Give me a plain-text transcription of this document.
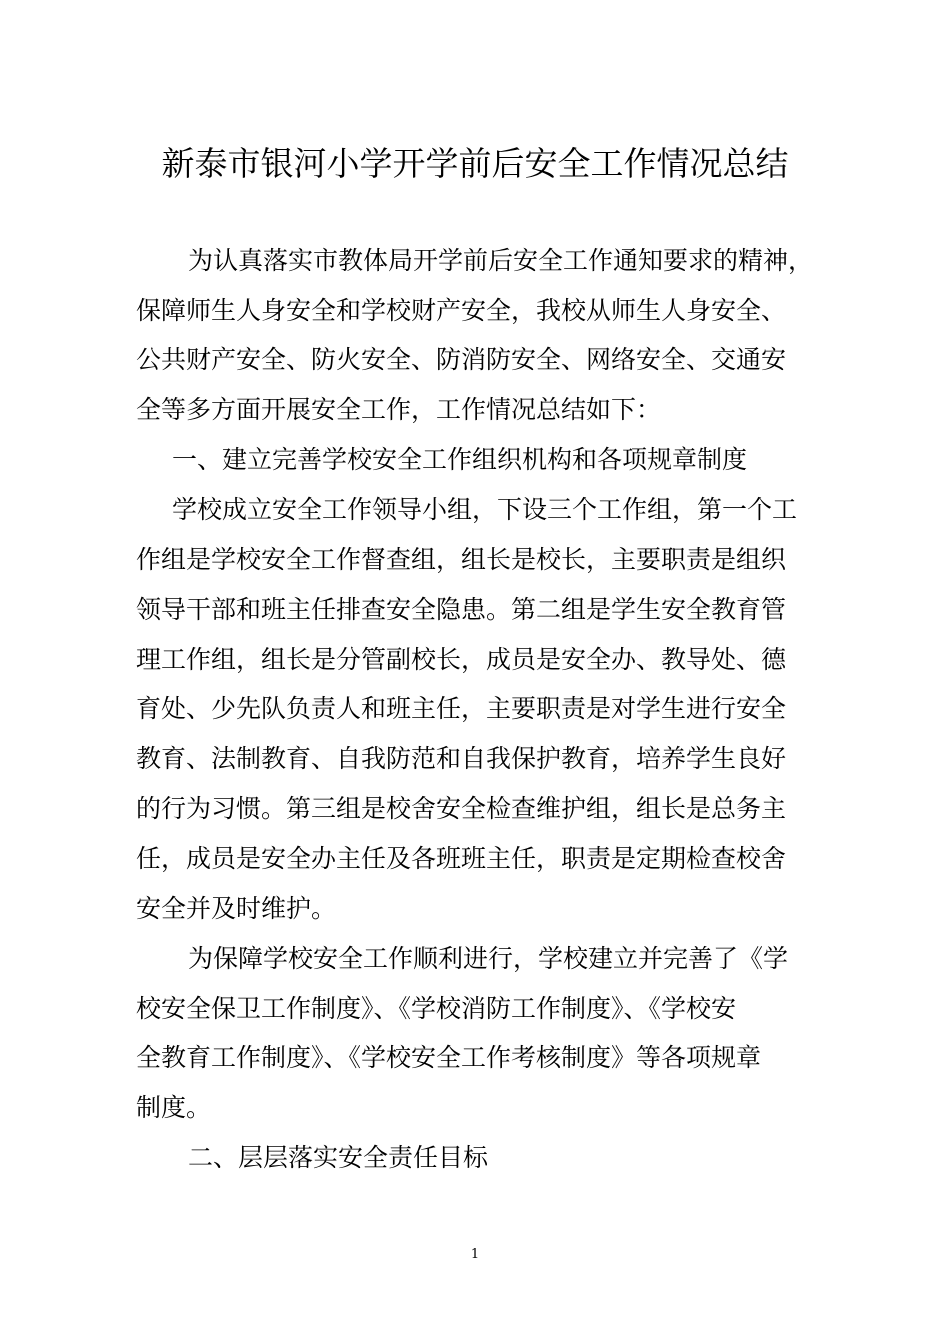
新泰市银河小学开学前后安全工作情况总结
为认真落实市教体局开学前后安全工作通知要求的精神，
保障师生人身安全和学校财产安全，我校从师生人身安全、
公共财产安全、防火安全、防消防安全、网络安全、交通安
全等多方面开展安全工作，工作情况总结如下：
一、建立完善学校安全工作组织机构和各项规章制度
学校成立安全工作领导小组，下设三个工作组，第一个工
作组是学校安全工作督查组，组长是校长，主要职责是组织
领导干部和班主任排查安全隐患。第二组是学生安全教育管
理工作组，组长是分管副校长，成员是安全办、教导处、德
育处、少先队负责人和班主任，主要职责是对学生进行安全
教育、法制教育、自我防范和自我保护教育，培养学生良好
的行为习惯。第三组是校舍安全检查维护组，组长是总务主
任，成员是安全办主任及各班班主任，职责是定期检查校舍
安全并及时维护。
为保障学校安全工作顺利进行，学校建立并完善了《学
校安全保卫工作制度》、《学校消防工作制度》、《学校安
全教育工作制度》、《学校安全工作考核制度》等各项规章
制度。
二、层层落实安全责任目标
1
